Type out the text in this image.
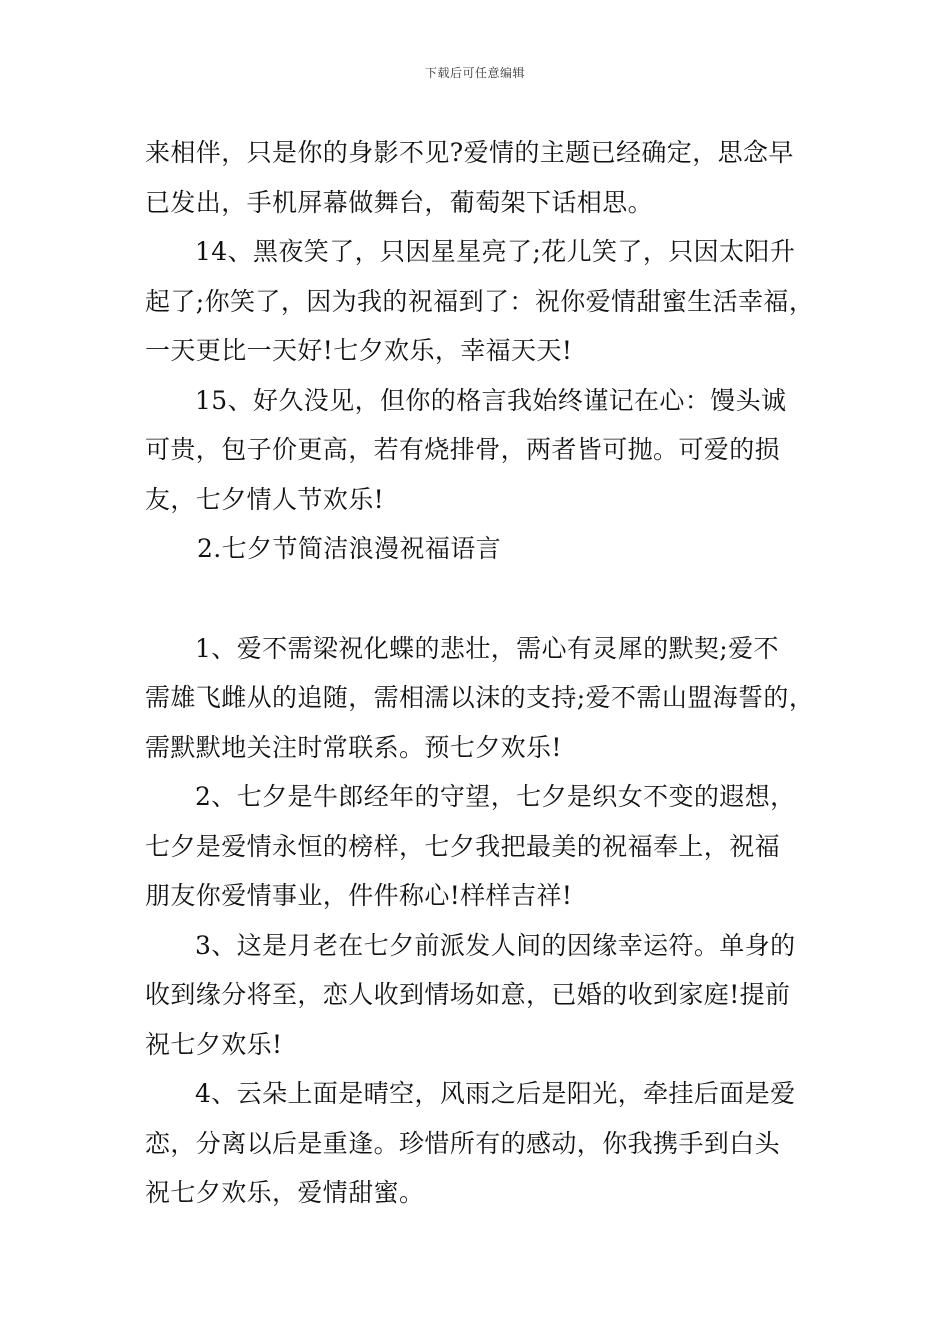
下载后可任意编辑
来相伴，只是你的身影不见?爱情的主题已经确定，思念早
已发出，手机屏幕做舞台，葡萄架下话相思。
14、黑夜笑了，只因星星亮了;花儿笑了，只因太阳升
起了;你笑了，因为我的祝福到了：祝你爱情甜蜜生活幸福，
一天更比一天好!七夕欢乐，幸福天天!
15、好久没见，但你的格言我始终谨记在心：馒头诚
可贵，包子价更高，若有烧排骨，两者皆可抛。可爱的损
友，七夕情人节欢乐!
2.七夕节简洁浪漫祝福语言
1、爱不需梁祝化蝶的悲壮，需心有灵犀的默契;爱不
需雄飞雌从的追随，需相濡以沫的支持;爱不需山盟海誓的，
需默默地关注时常联系。预七夕欢乐!
2、七夕是牛郎经年的守望，七夕是织女不变的遐想，
七夕是爱情永恒的榜样，七夕我把最美的祝福奉上，祝福
朋友你爱情事业，件件称心!样样吉祥!
3、这是月老在七夕前派发人间的因缘幸运符。单身的
收到缘分将至，恋人收到情场如意，已婚的收到家庭!提前
祝七夕欢乐!
4、云朵上面是晴空，风雨之后是阳光，牵挂后面是爱
恋，分离以后是重逢。珍惜所有的感动，你我携手到白头
祝七夕欢乐，爱情甜蜜。
